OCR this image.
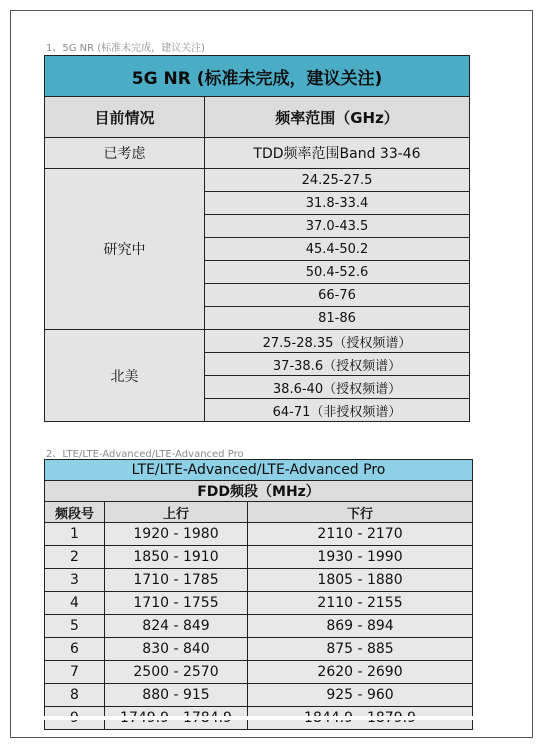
1、5G NR (标准未完成，建议关注)
5G NR (标准未完成，建议关注)	
目前情况	频率范围（GHz）
已考虑	TDD频率范围Band 33-46
研究中	24.25-27.5
	31.8-33.4
	37.0-43.5
	45.4-50.2
	50.4-52.6
	66-76
	81-86
北美	27.5-28.35（授权频谱）
	37-38.6（授权频谱）
	38.6-40（授权频谱）
	64-71（非授权频谱）
2、LTE/LTE-Advanced/LTE-Advanced Pro
LTE/LTE-Advanced/LTE-Advanced Pro		
FDD频段（MHz）		
频段号	上行	下行
1	1920 - 1980	2110 - 2170
2	1850 - 1910	1930 - 1990
3	1710 - 1785	1805 - 1880
4	1710 - 1755	2110 - 2155
5	824 - 849	869 - 894
6	830 - 840	875 - 885
7	2500 - 2570	2620 - 2690
8	880 - 915	925 - 960
